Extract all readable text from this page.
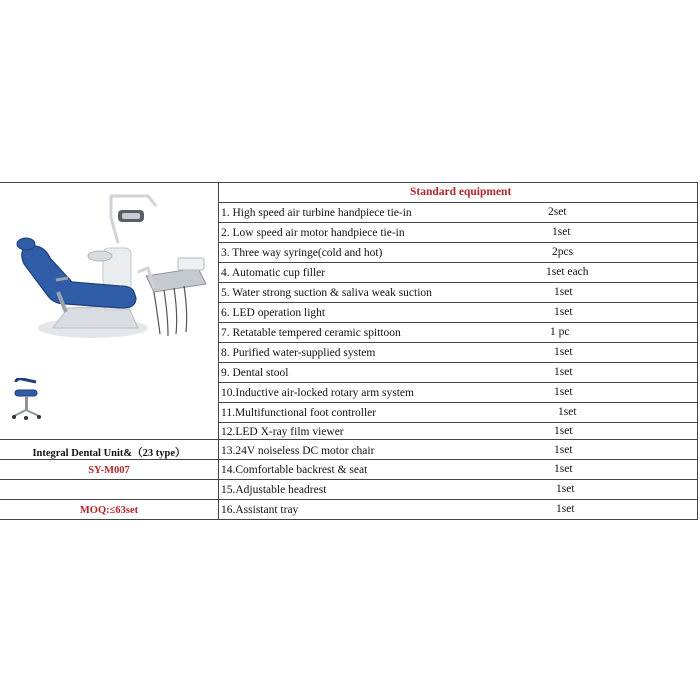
Standard equipment
1. High speed air turbine handpiece tie-in	2set
2. Low speed air motor handpiece tie-in	1set
3. Three way syringe(cold and hot)	2pcs
4. Automatic cup filler	1set each
5. Water strong suction & saliva weak suction	1set
6. LED operation light	1set
7. Retatable tempered ceramic spittoon	1 pc
8. Purified water-supplied system	1set
9. Dental stool	1set
10.Inductive air-locked rotary arm system	1set
11.Multifunctional foot controller	1set
12.LED X-ray film viewer	1set
13.24V noiseless DC motor chair	1set
14.Comfortable backrest & seat	1set
15.Adjustable headrest	1set
16.Assistant tray	1set
Integral Dental Unit&（23 type）
SY-M007
MOQ:≤63set
